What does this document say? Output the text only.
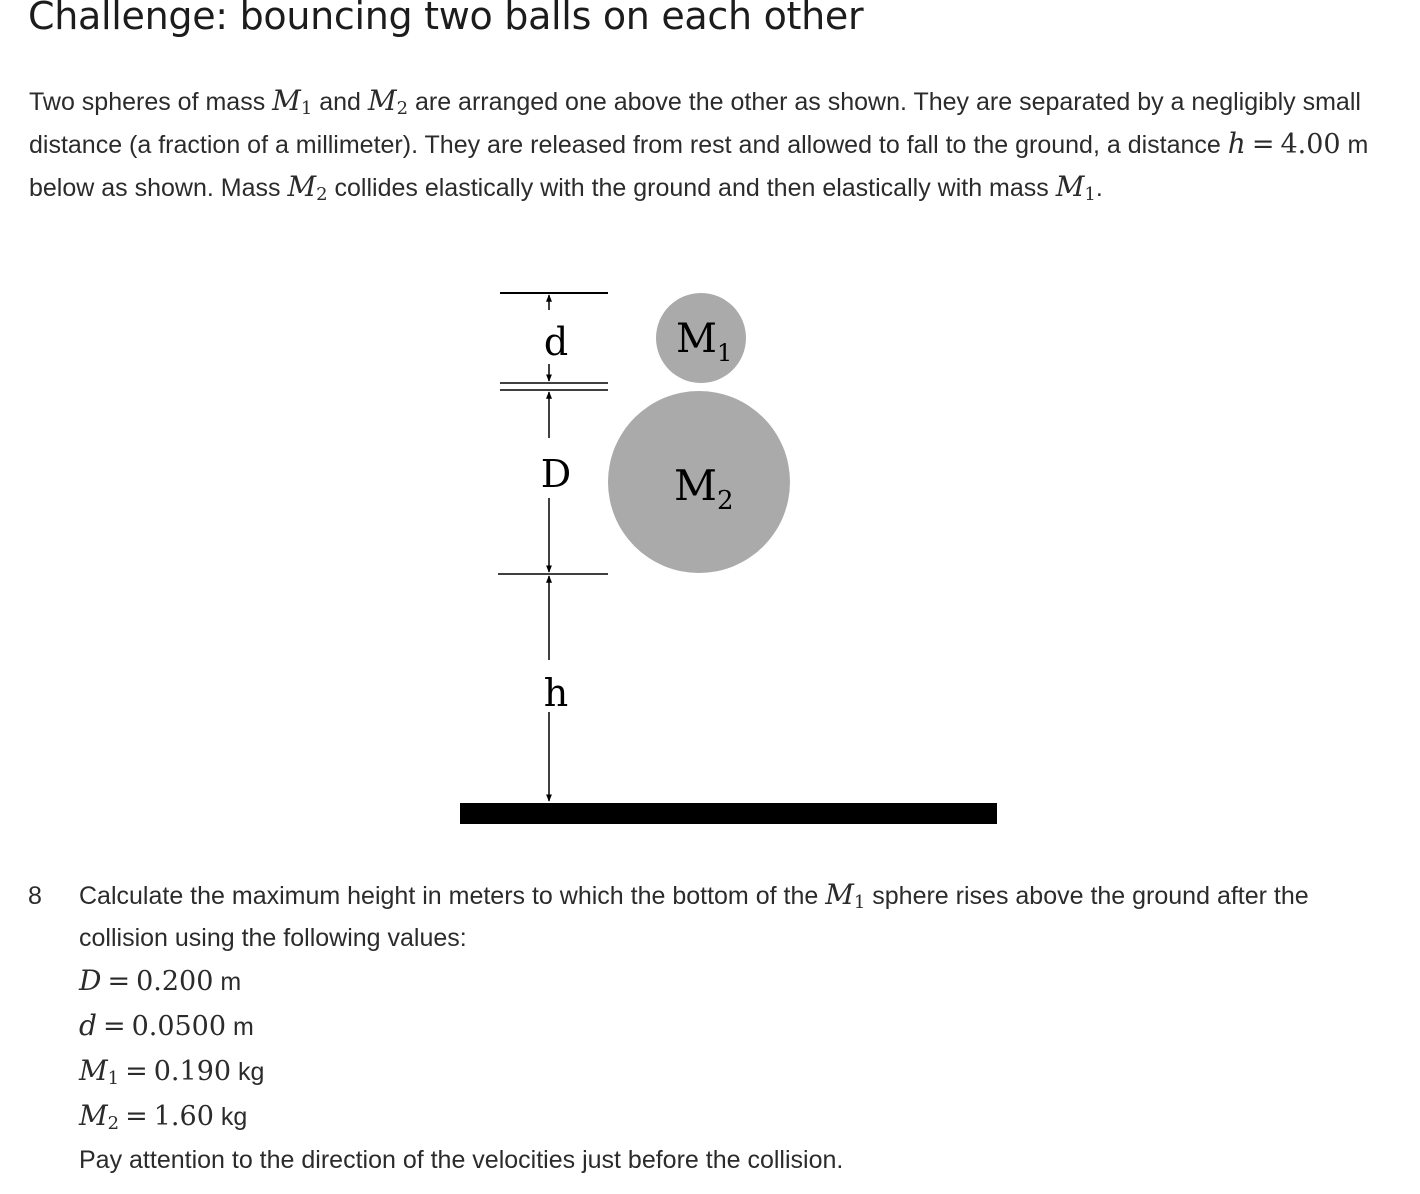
Challenge: bouncing two balls on each other

Two spheres of mass $M_1$ and $M_2$ are arranged one above the other as shown. They are separated by a negligibly small distance (a fraction of a millimeter). They are released from rest and allowed to fall to the ground, a distance h = 4.00 m below as shown. Mass $M_2$ collides elastically with the ground and then elastically with mass $M_1$.

d
D
h
$M_1$
$M_2$
8 Calculate the maximum height in meters to which the bottom of the $M_1$ sphere rises above the ground after the collision using the following values:

D = 0.200 m
d = 0.0500 m
$M_1 = 0.190$ kg
$M_2 = 1.60$ kg

Pay attention to the direction of the velocities just before the collision.
